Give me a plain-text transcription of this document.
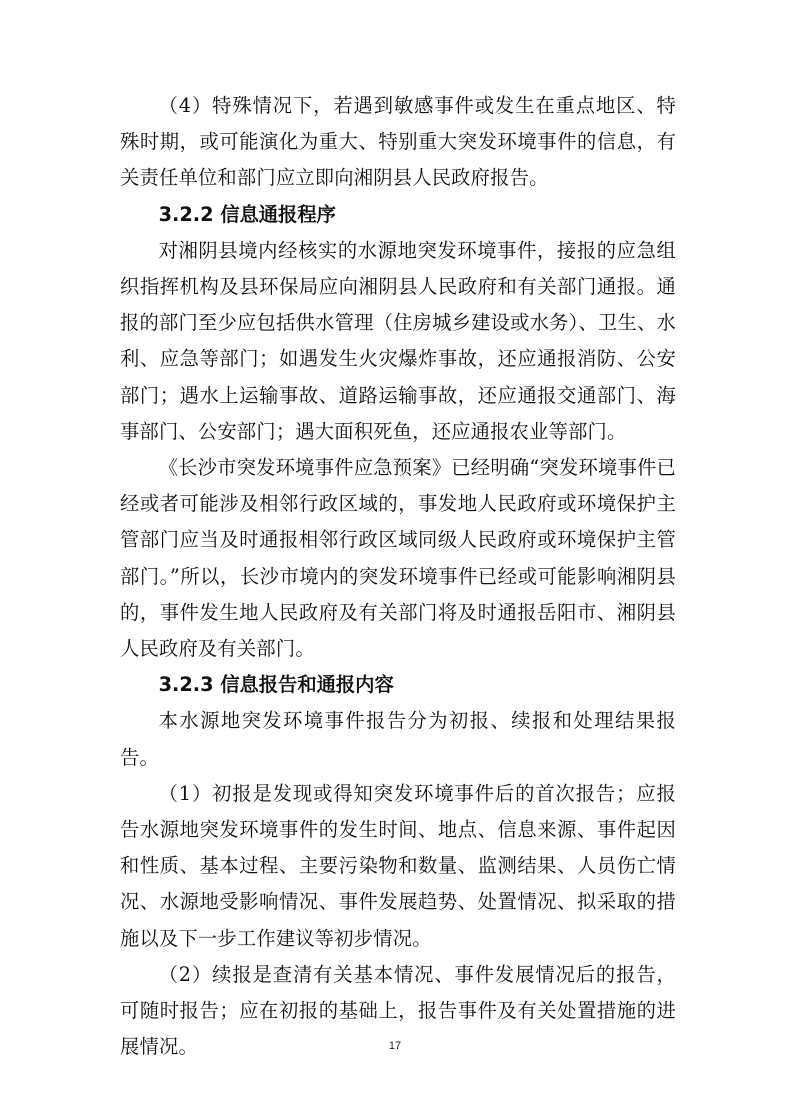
（4）特殊情况下，若遇到敏感事件或发生在重点地区、特殊时期，或可能演化为重大、特别重大突发环境事件的信息，有关责任单位和部门应立即向湘阴县人民政府报告。

3.2.2 信息通报程序

对湘阴县境内经核实的水源地突发环境事件，接报的应急组织指挥机构及县环保局应向湘阴县人民政府和有关部门通报。通报的部门至少应包括供水管理（住房城乡建设或水务）、卫生、水利、应急等部门；如遇发生火灾爆炸事故，还应通报消防、公安部门；遇水上运输事故、道路运输事故，还应通报交通部门、海事部门、公安部门；遇大面积死鱼，还应通报农业等部门。

《长沙市突发环境事件应急预案》已经明确“突发环境事件已经或者可能涉及相邻行政区域的，事发地人民政府或环境保护主管部门应当及时通报相邻行政区域同级人民政府或环境保护主管部门。”所以，长沙市境内的突发环境事件已经或可能影响湘阴县的，事件发生地人民政府及有关部门将及时通报岳阳市、湘阴县人民政府及有关部门。

3.2.3 信息报告和通报内容

本水源地突发环境事件报告分为初报、续报和处理结果报告。

（1）初报是发现或得知突发环境事件后的首次报告；应报告水源地突发环境事件的发生时间、地点、信息来源、事件起因和性质、基本过程、主要污染物和数量、监测结果、人员伤亡情况、水源地受影响情况、事件发展趋势、处置情况、拟采取的措施以及下一步工作建议等初步情况。

（2）续报是查清有关基本情况、事件发展情况后的报告，可随时报告；应在初报的基础上，报告事件及有关处置措施的进展情况。	17
